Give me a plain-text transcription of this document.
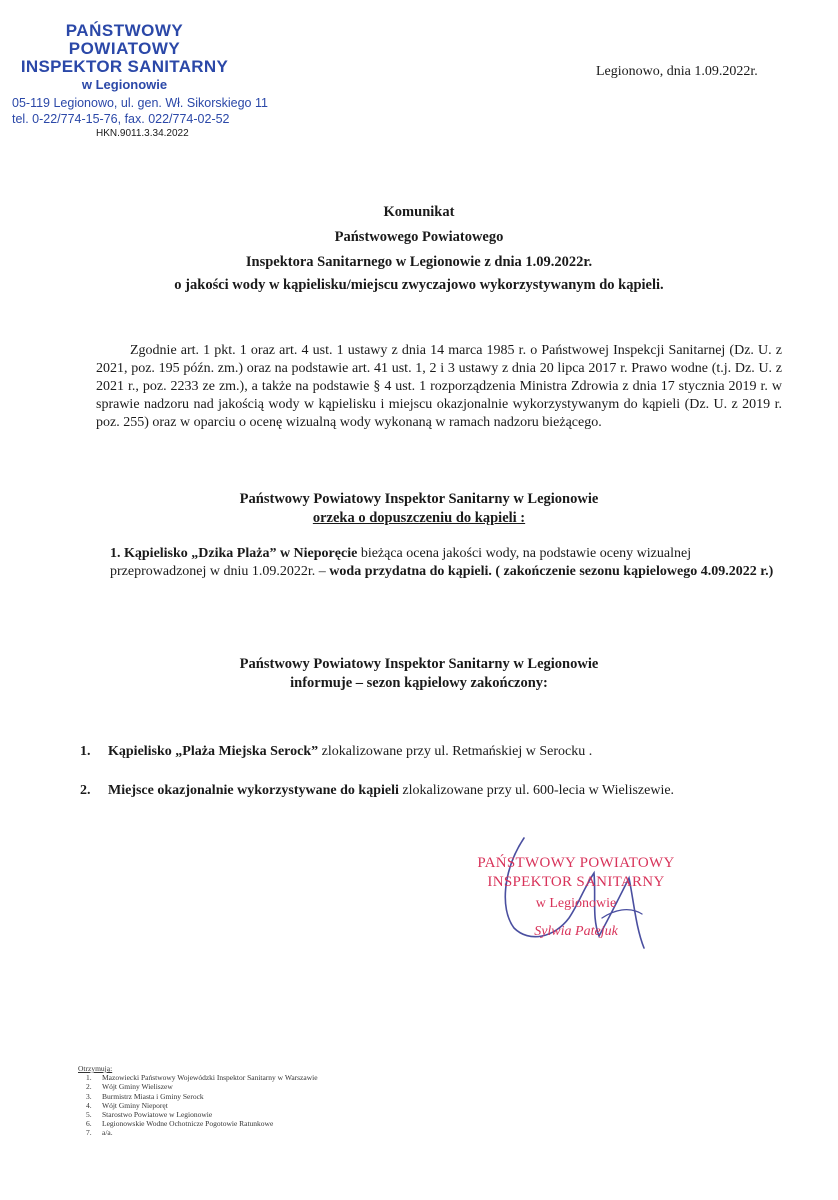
PAŃSTWOWY POWIATOWY
INSPEKTOR SANITARNY
w Legionowie
05-119 Legionowo, ul. gen. Wł. Sikorskiego 11
tel. 0-22/774-15-76, fax. 022/774-02-52
Legionowo, dnia 1.09.2022r.
HKN.9011.3.34.2022
Komunikat
Państwowego Powiatowego
Inspektora Sanitarnego w Legionowie z dnia 1.09.2022r.
o jakości wody w kąpielisku/miejscu zwyczajowo wykorzystywanym do kąpieli.
Zgodnie art. 1 pkt. 1 oraz art. 4 ust. 1 ustawy z dnia 14 marca 1985 r. o Państwowej Inspekcji Sanitarnej (Dz. U. z 2021, poz. 195 późn. zm.) oraz na podstawie art. 41 ust. 1, 2 i 3 ustawy z dnia 20 lipca 2017 r. Prawo wodne (t.j. Dz. U. z 2021 r., poz. 2233 ze zm.), a także na podstawie § 4 ust. 1 rozporządzenia Ministra Zdrowia z dnia 17 stycznia 2019 r. w sprawie nadzoru nad jakością wody w kąpielisku i miejscu okazjonalnie wykorzystywanym do kąpieli (Dz. U. z 2019 r. poz. 255) oraz w oparciu o ocenę wizualną wody wykonaną w ramach nadzoru bieżącego.
Państwowy Powiatowy Inspektor Sanitarny w Legionowie
orzeka o dopuszczeniu do kąpieli :
1. Kąpielisko „Dzika Plaża” w Nieporęcie bieżąca ocena jakości wody, na podstawie oceny wizualnej przeprowadzonej w dniu 1.09.2022r. – woda przydatna do kąpieli. ( zakończenie sezonu kąpielowego 4.09.2022 r.)
Państwowy Powiatowy Inspektor Sanitarny w Legionowie
informuje – sezon kąpielowy zakończony:
1. Kąpielisko „Plaża Miejska Serock” zlokalizowane przy ul. Retmańskiej w Serocku .
2. Miejsce okazjonalnie wykorzystywane do kąpieli zlokalizowane przy ul. 600-lecia w Wieliszewie.
PAŃSTWOWY POWIATOWY
INSPEKTOR SANITARNY
w Legionowie
Sylwia Patejuk
Otrzymują:
1. Mazowiecki Państwowy Wojewódzki Inspektor Sanitarny w Warszawie
2. Wójt Gminy Wieliszew
3. Burmistrz Miasta i Gminy Serock
4. Wójt Gminy Nieporęt
5. Starostwo Powiatowe w Legionowie
6. Legionowskie Wodne Ochotnicze Pogotowie Ratunkowe
7. a/a.
